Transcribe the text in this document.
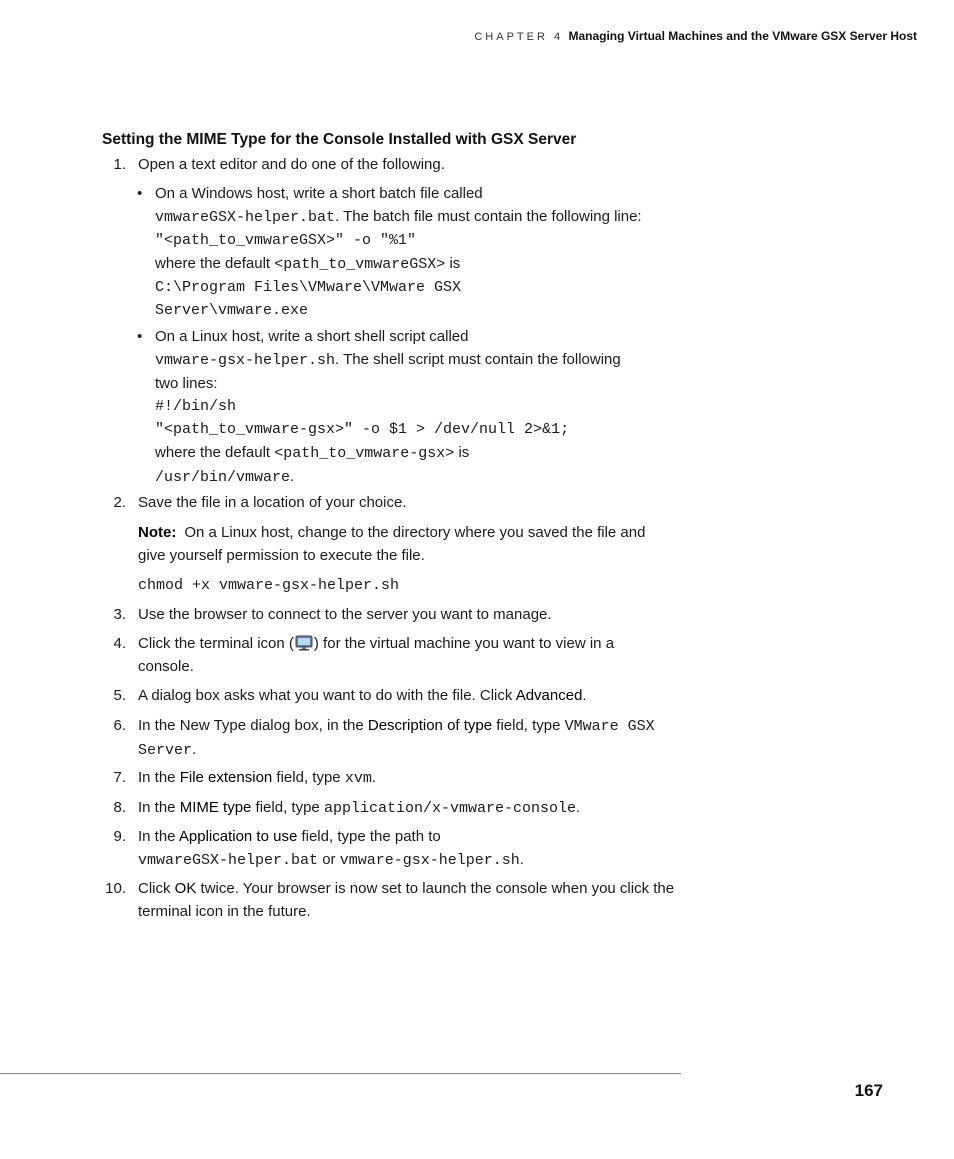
CHAPTER 4 Managing Virtual Machines and the VMware GSX Server Host
Setting the MIME Type for the Console Installed with GSX Server
1. Open a text editor and do one of the following.
• On a Windows host, write a short batch file called
vmwareGSX-helper.bat. The batch file must contain the following line:
"<path_to_vmwareGSX>" -o "%1"
where the default <path_to_vmwareGSX> is
C:\Program Files\VMware\VMware GSX
Server\vmware.exe
• On a Linux host, write a short shell script called
vmware-gsx-helper.sh. The shell script must contain the following
two lines:
#!/bin/sh
"<path_to_vmware-gsx>" -o $1 > /dev/null 2>&1;
where the default <path_to_vmware-gsx> is
/usr/bin/vmware.
2. Save the file in a location of your choice.
Note: On a Linux host, change to the directory where you saved the file and
give yourself permission to execute the file.
chmod +x vmware-gsx-helper.sh
3. Use the browser to connect to the server you want to manage.
4. Click the terminal icon ( ) for the virtual machine you want to view in a
console.
5. A dialog box asks what you want to do with the file. Click Advanced.
6. In the New Type dialog box, in the Description of type field, type VMware GSX
Server.
7. In the File extension field, type xvm.
8. In the MIME type field, type application/x-vmware-console.
9. In the Application to use field, type the path to
vmwareGSX-helper.bat or vmware-gsx-helper.sh.
10. Click OK twice. Your browser is now set to launch the console when you click the
terminal icon in the future.
167
